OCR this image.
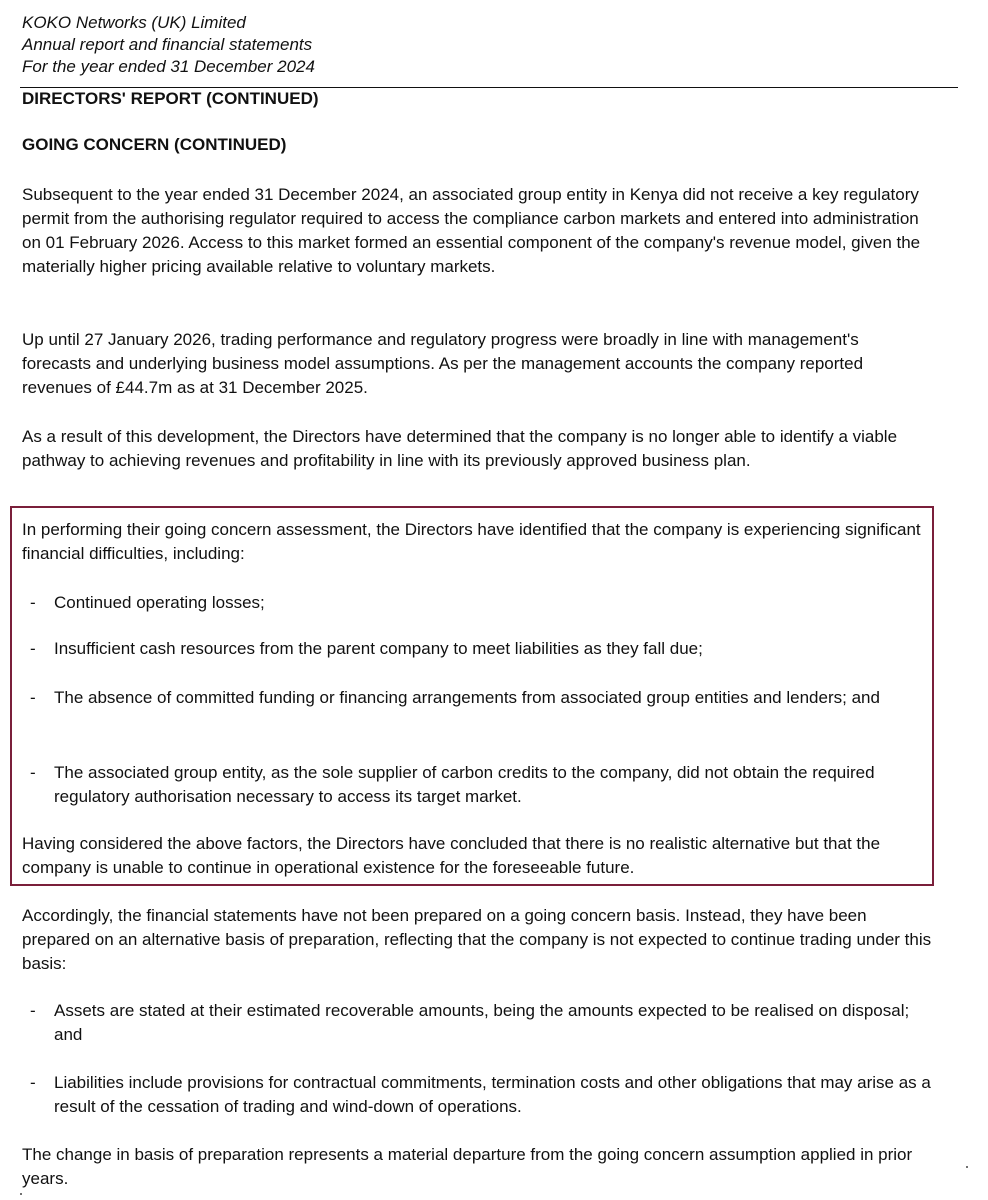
KOKO Networks (UK) Limited
Annual report and financial statements
For the year ended 31 December 2024
DIRECTORS' REPORT (CONTINUED)
GOING CONCERN (CONTINUED)

Subsequent to the year ended 31 December 2024, an associated group entity in Kenya did not receive a key regulatory permit from the authorising regulator required to access the compliance carbon markets and entered into administration on 01 February 2026. Access to this market formed an essential component of the company's revenue model, given the materially higher pricing available relative to voluntary markets.

Up until 27 January 2026, trading performance and regulatory progress were broadly in line with management's forecasts and underlying business model assumptions. As per the management accounts the company reported revenues of £44.7m as at 31 December 2025.

As a result of this development, the Directors have determined that the company is no longer able to identify a viable pathway to achieving revenues and profitability in line with its previously approved business plan.

In performing their going concern assessment, the Directors have identified that the company is experiencing significant financial difficulties, including:

- Continued operating losses;
- Insufficient cash resources from the parent company to meet liabilities as they fall due;
- The absence of committed funding or financing arrangements from associated group entities and lenders; and
- The associated group entity, as the sole supplier of carbon credits to the company, did not obtain the required regulatory authorisation necessary to access its target market.

Having considered the above factors, the Directors have concluded that there is no realistic alternative but that the company is unable to continue in operational existence for the foreseeable future.

Accordingly, the financial statements have not been prepared on a going concern basis. Instead, they have been prepared on an alternative basis of preparation, reflecting that the company is not expected to continue trading under this basis:

- Assets are stated at their estimated recoverable amounts, being the amounts expected to be realised on disposal; and
- Liabilities include provisions for contractual commitments, termination costs and other obligations that may arise as a result of the cessation of trading and wind-down of operations.

The change in basis of preparation represents a material departure from the going concern assumption applied in prior years.
